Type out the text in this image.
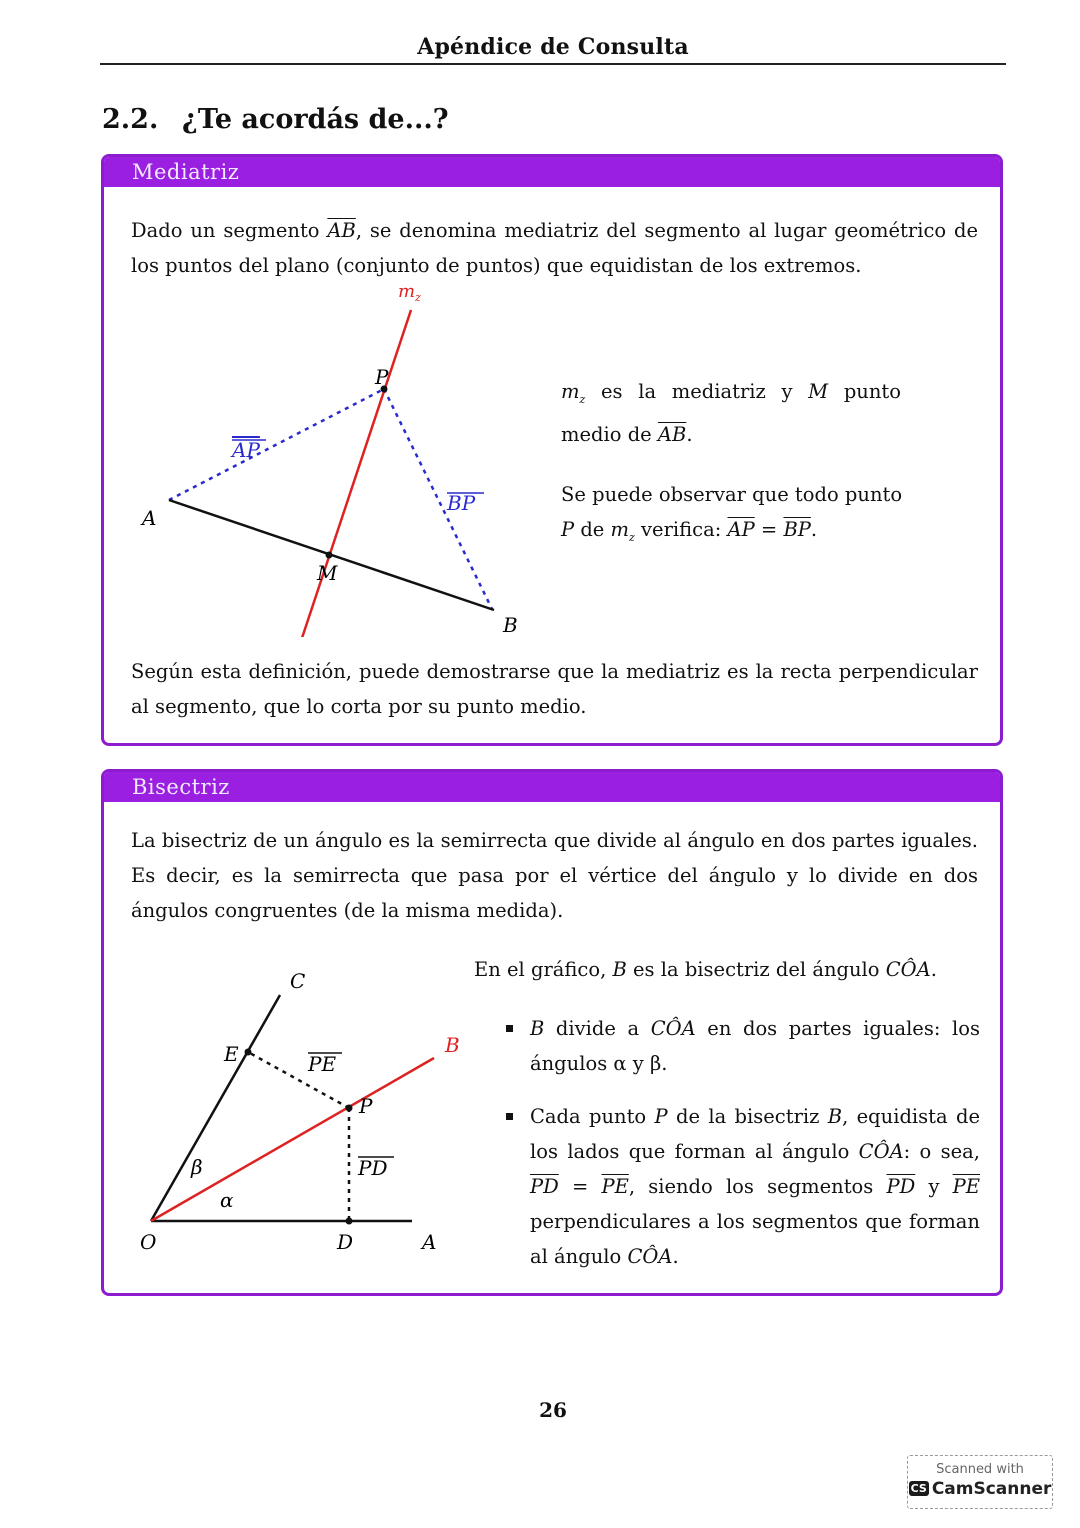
Apéndice de Consulta
2.2. ¿Te acordás de...?
Mediatriz
Dado un segmento $\overline{AB}$, se denomina mediatriz del segmento al lugar geométrico de los puntos del plano (conjunto de puntos) que equidistan de los extremos.
$m_z$
P
A
B
M
AP
BP
$m_z$ es la mediatriz y M punto medio de $\overline{AB}$.
Se puede observar que todo punto
P de $m_z$ verifica: $\overline{AP} = \overline{BP}$.
Según esta definición, puede demostrarse que la mediatriz es la recta perpendicular al segmento, que lo corta por su punto medio.
Bisectriz
La bisectriz de un ángulo es la semirrecta que divide al ángulo en dos partes iguales. Es decir, es la semirrecta que pasa por el vértice del ángulo y lo divide en dos ángulos congruentes (de la misma medida).
C
E	PE
B
P
PD
β
α
O	D	A
En el gráfico, B es la bisectriz del ángulo CÔA.
B divide a CÔA en dos partes iguales: los ángulos α y β.
Cada punto P de la bisectriz B, equidista de los lados que forman al ángulo CÔA: o sea, $\overline{PD} = \overline{PE}$, siendo los segmentos $\overline{PD}$ y $\overline{PE}$ perpendiculares a los segmentos que forman al ángulo CÔA.
26
Scanned with
CS CamScanner
